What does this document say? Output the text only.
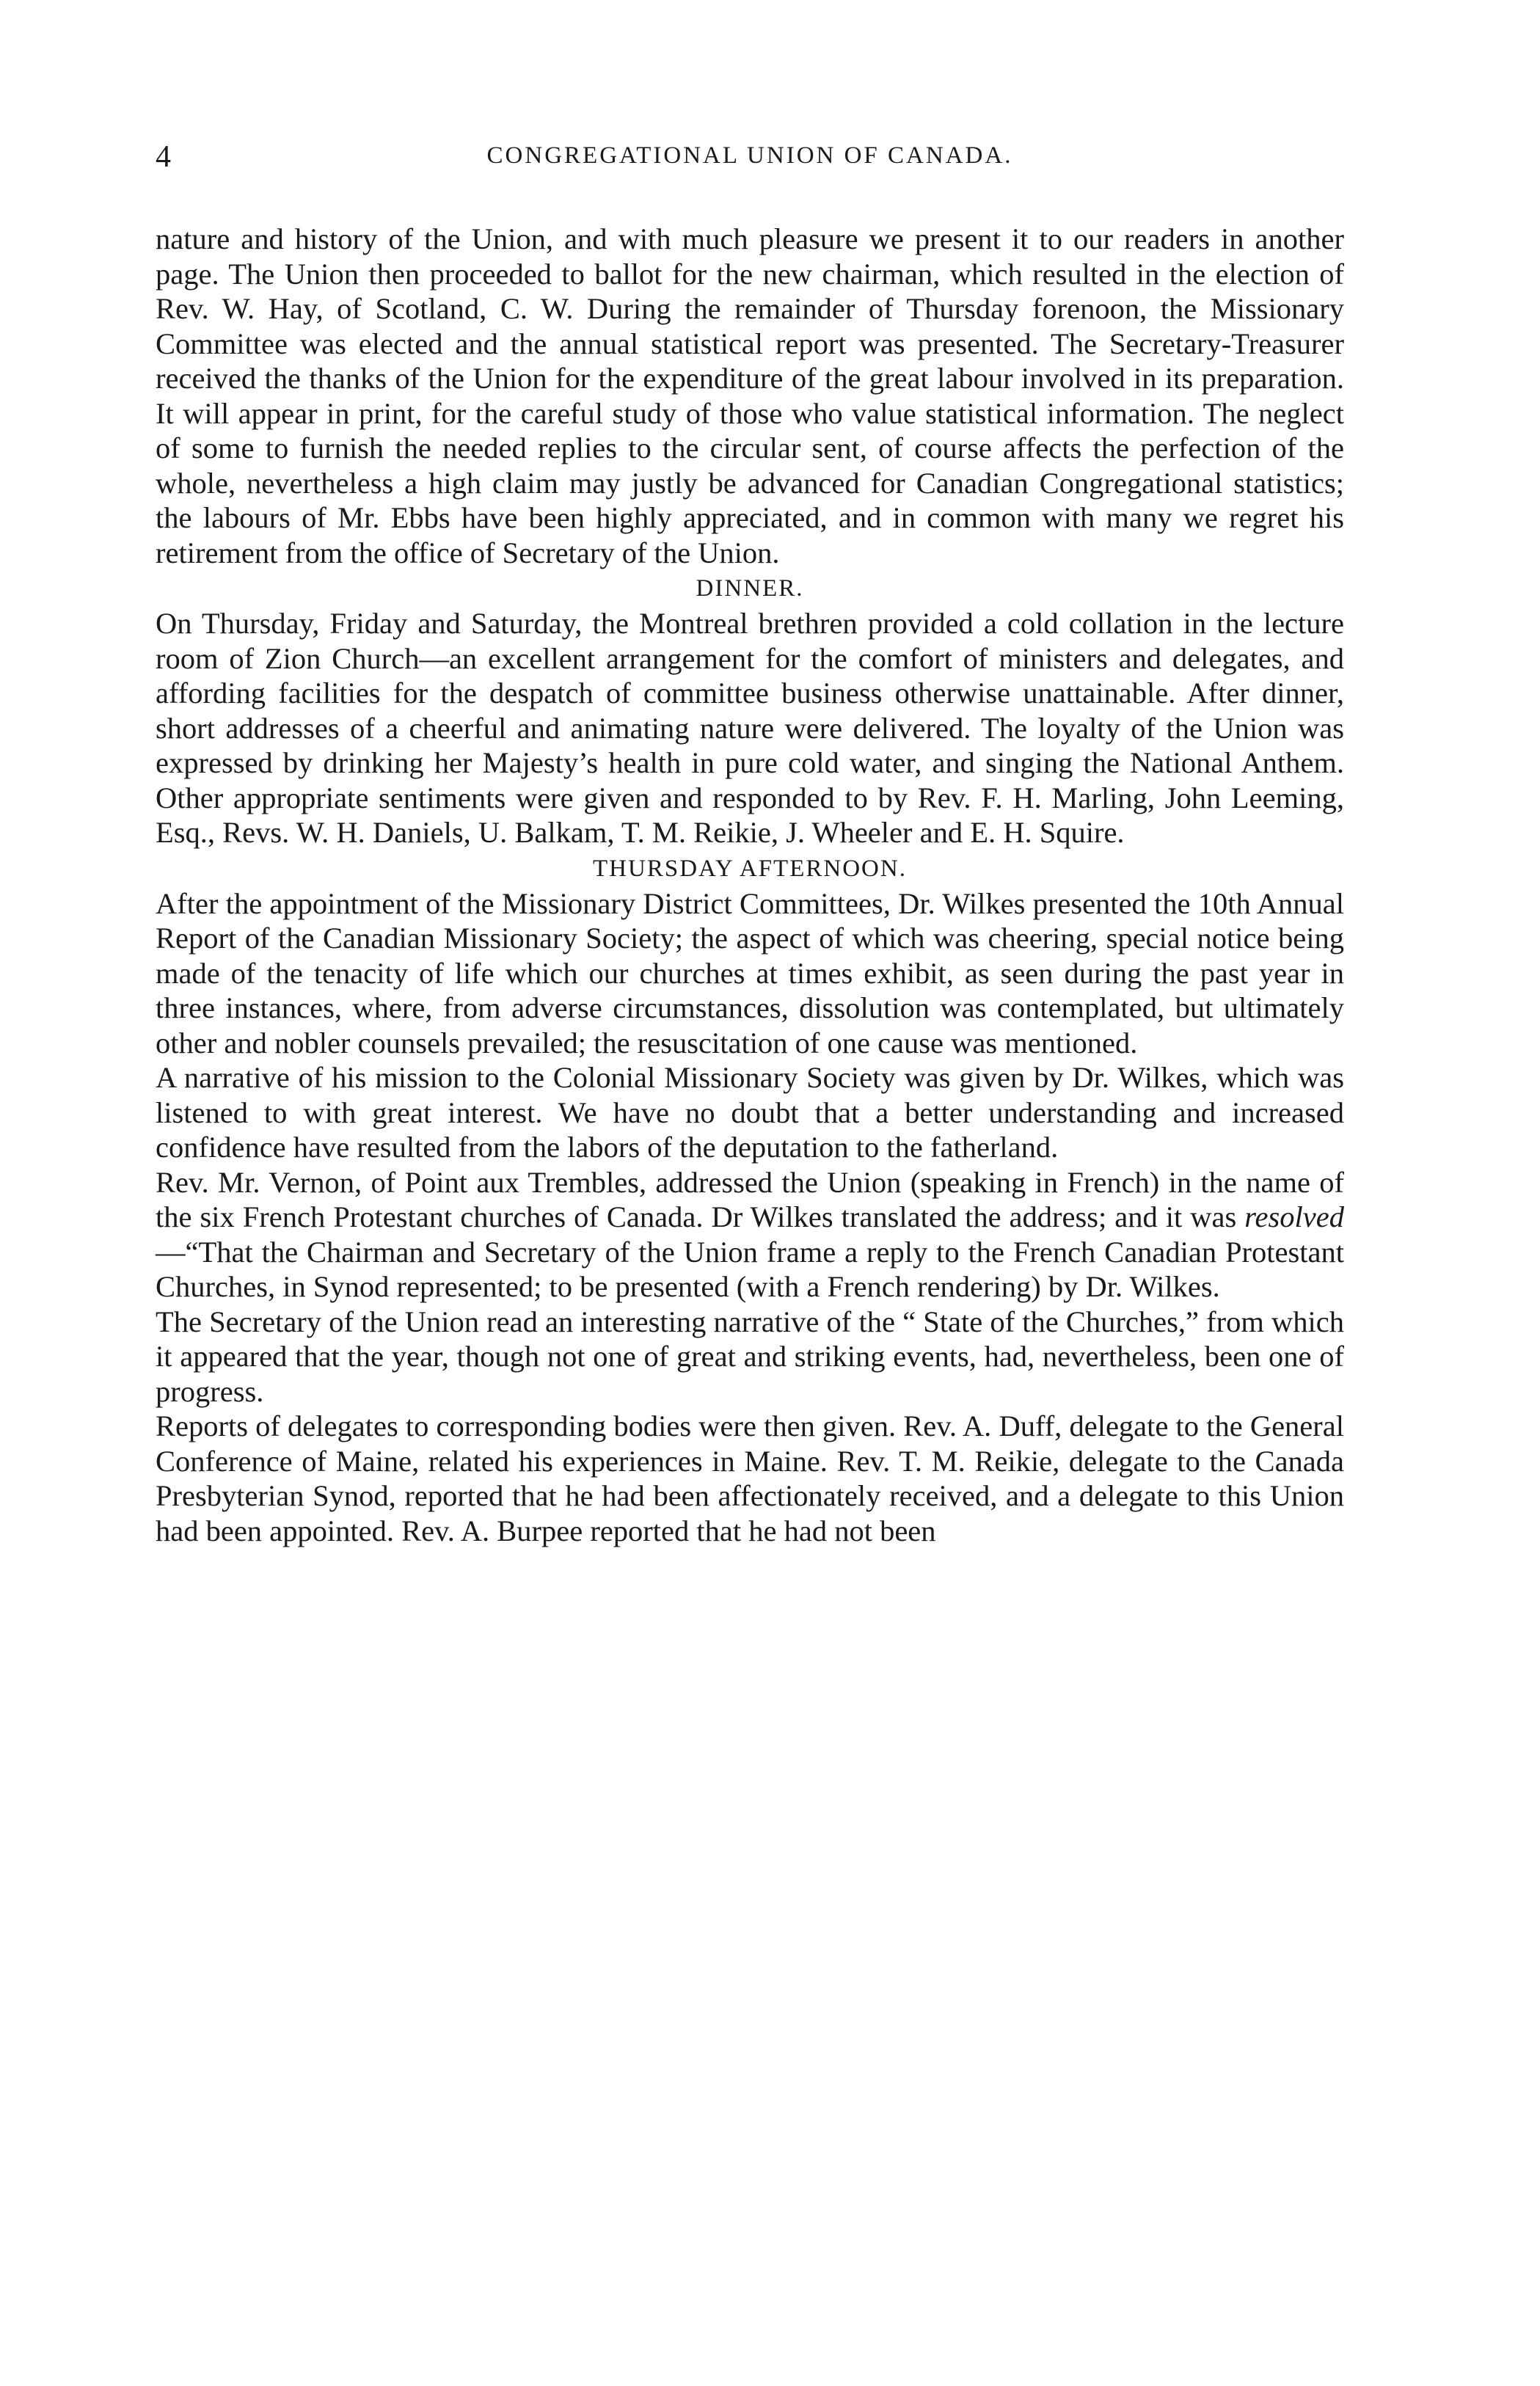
4	CONGREGATIONAL UNION OF CANADA.

nature and history of the Union, and with much pleasure we present it to our readers in another page. The Union then proceeded to ballot for the new chairman, which resulted in the election of Rev. W. Hay, of Scotland, C. W. During the remainder of Thursday forenoon, the Missionary Committee was elected and the annual statistical report was presented. The Secretary-Treasurer received the thanks of the Union for the expenditure of the great labour involved in its preparation. It will appear in print, for the careful study of those who value statistical information. The neglect of some to furnish the needed replies to the circular sent, of course affects the perfection of the whole, nevertheless a high claim may justly be advanced for Canadian Congregational statistics; the labours of Mr. Ebbs have been highly appreciated, and in common with many we regret his retirement from the office of Secretary of the Union.

DINNER.

On Thursday, Friday and Saturday, the Montreal brethren provided a cold collation in the lecture room of Zion Church—an excellent arrangement for the comfort of ministers and delegates, and affording facilities for the despatch of committee business otherwise unattainable. After dinner, short addresses of a cheerful and animating nature were delivered. The loyalty of the Union was expressed by drinking her Majesty’s health in pure cold water, and singing the National Anthem. Other appropriate sentiments were given and responded to by Rev. F. H. Marling, John Leeming, Esq., Revs. W. H. Daniels, U. Balkam, T. M. Reikie, J. Wheeler and E. H. Squire.

THURSDAY AFTERNOON.

After the appointment of the Missionary District Committees, Dr. Wilkes presented the 10th Annual Report of the Canadian Missionary Society; the aspect of which was cheering, special notice being made of the tenacity of life which our churches at times exhibit, as seen during the past year in three instances, where, from adverse circumstances, dissolution was contemplated, but ultimately other and nobler counsels prevailed; the resuscitation of one cause was mentioned.

A narrative of his mission to the Colonial Missionary Society was given by Dr. Wilkes, which was listened to with great interest. We have no doubt that a better understanding and increased confidence have resulted from the labors of the deputation to the fatherland.

Rev. Mr. Vernon, of Point aux Trembles, addressed the Union (speaking in French) in the name of the six French Protestant churches of Canada. Dr Wilkes translated the address; and it was resolved—“That the Chairman and Secretary of the Union frame a reply to the French Canadian Protestant Churches, in Synod represented; to be presented (with a French rendering) by Dr. Wilkes.

The Secretary of the Union read an interesting narrative of the “ State of the Churches,” from which it appeared that the year, though not one of great and striking events, had, nevertheless, been one of progress.

Reports of delegates to corresponding bodies were then given. Rev. A. Duff, delegate to the General Conference of Maine, related his experiences in Maine. Rev. T. M. Reikie, delegate to the Canada Presbyterian Synod, reported that he had been affectionately received, and a delegate to this Union had been appointed. Rev. A. Burpee reported that he had not been
